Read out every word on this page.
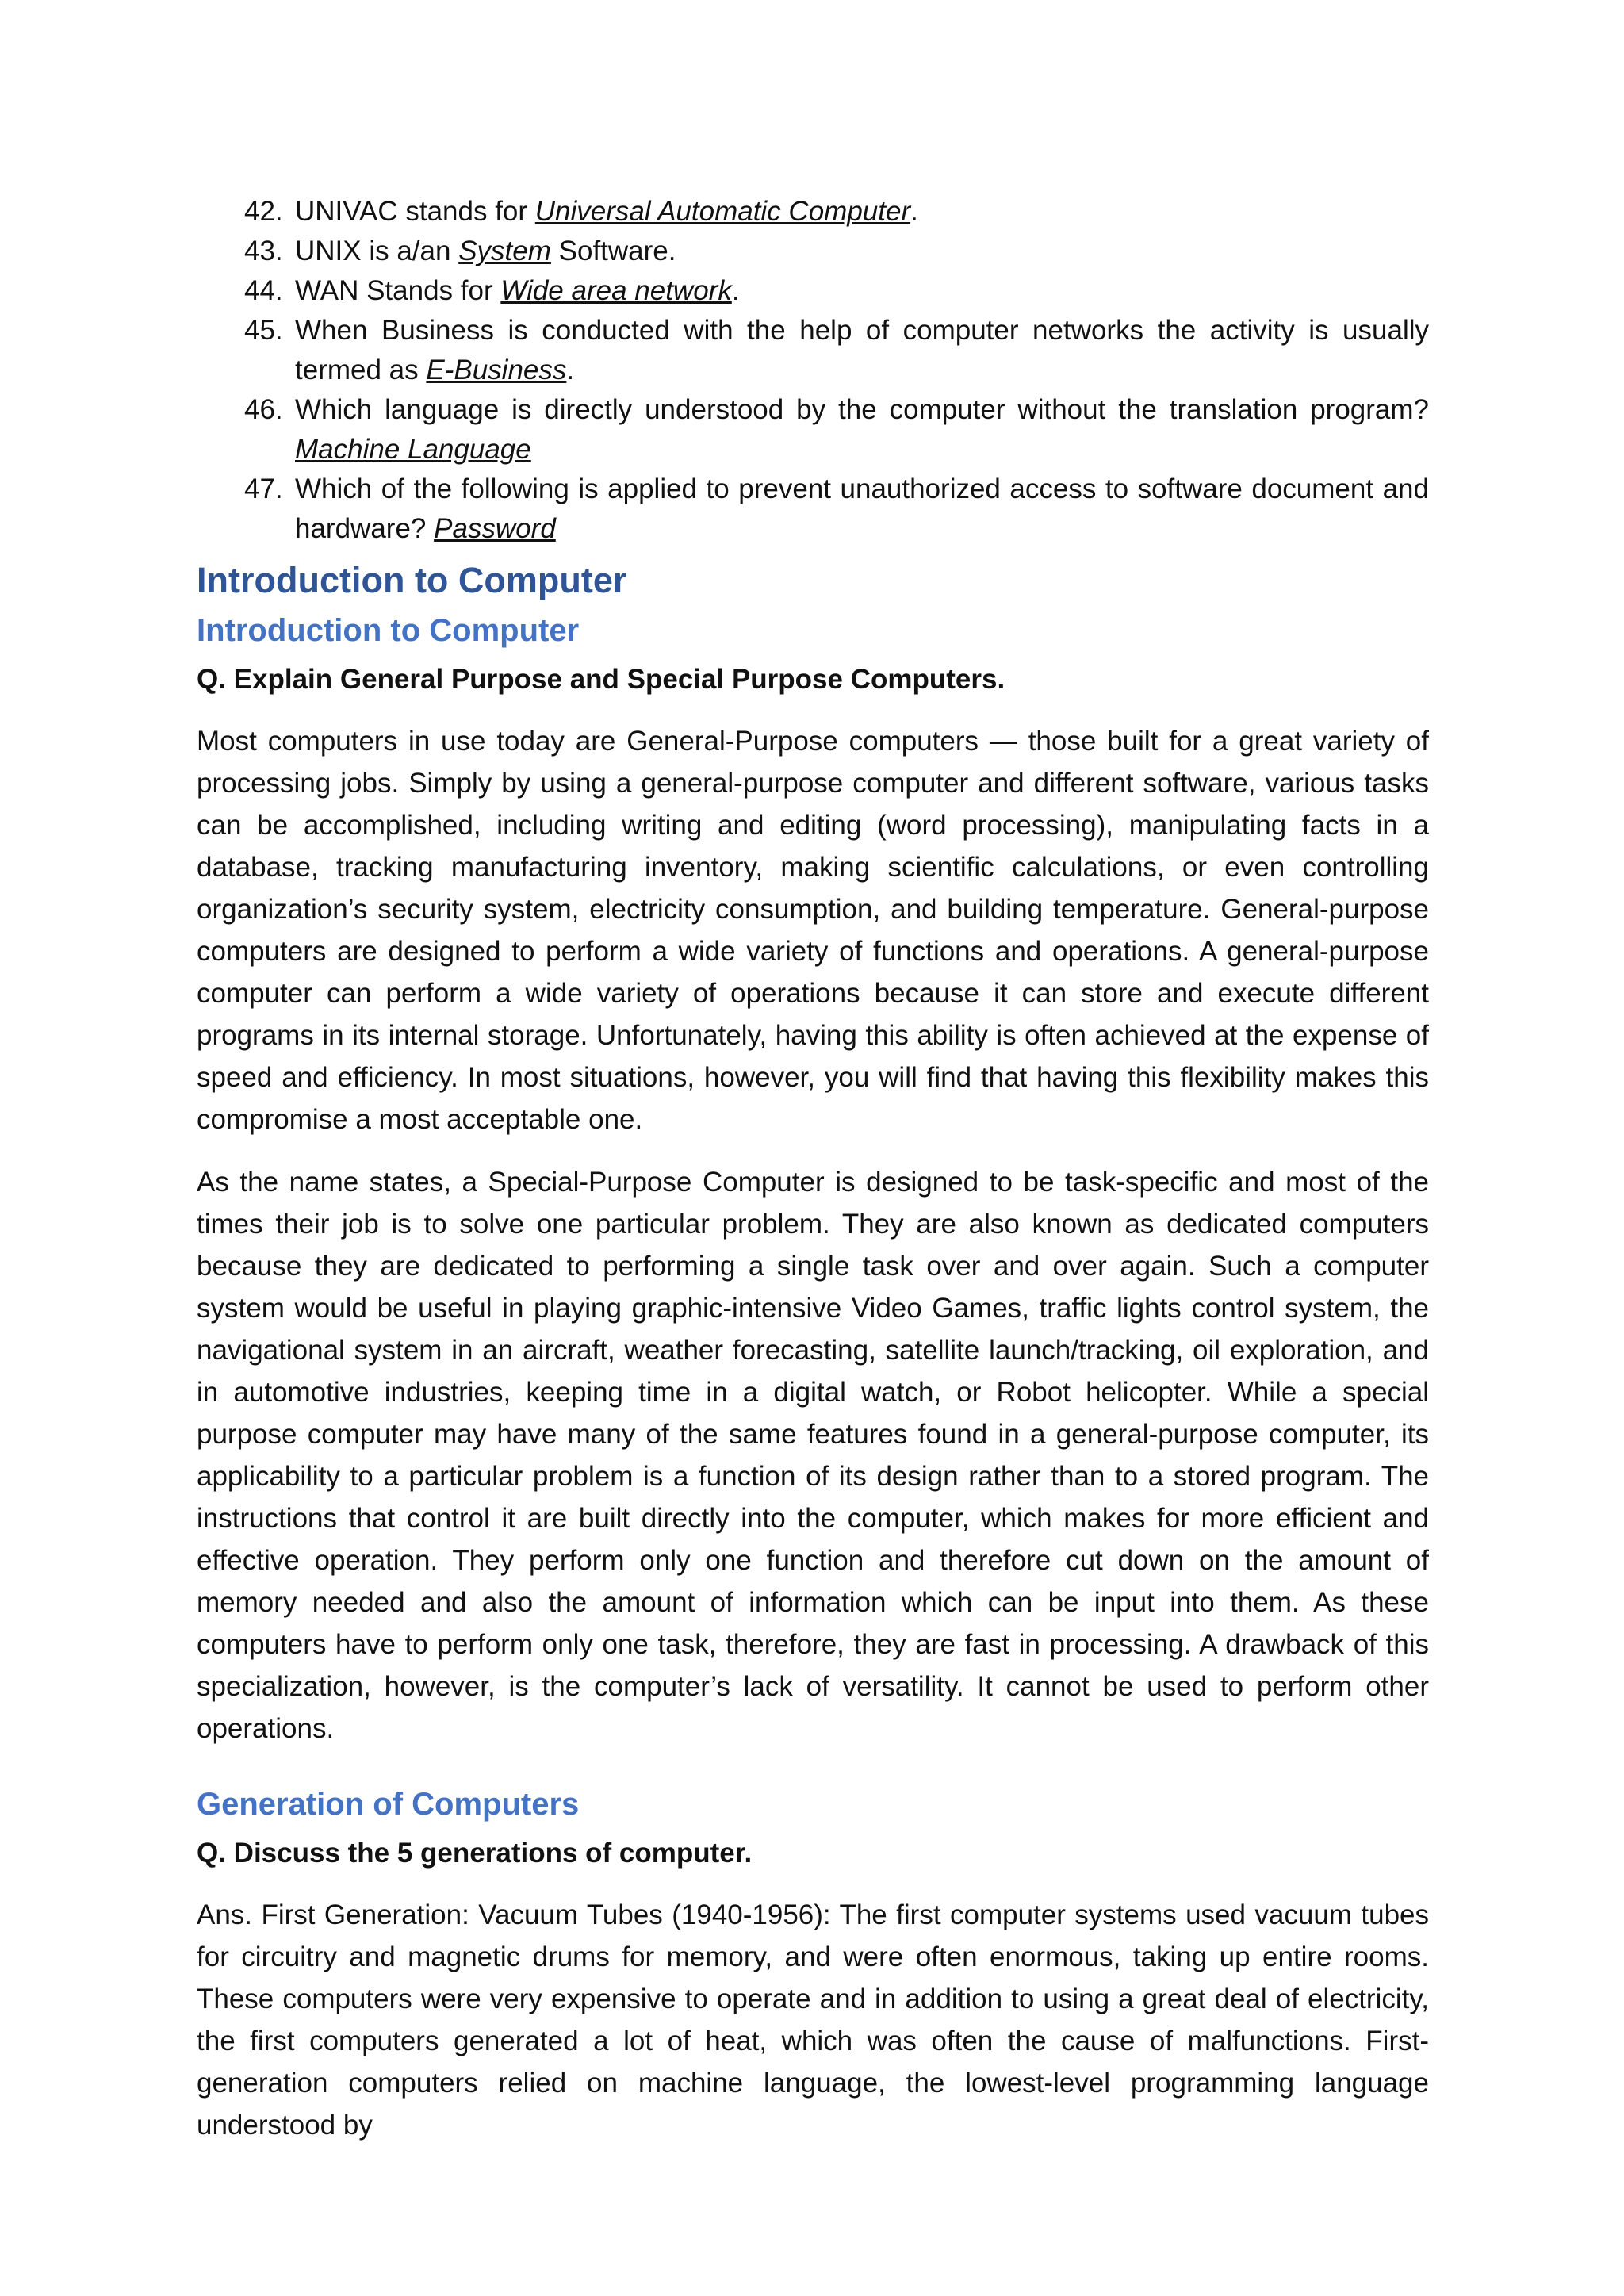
42. UNIVAC stands for Universal Automatic Computer.
43. UNIX is a/an System Software.
44. WAN Stands for Wide area network.
45. When Business is conducted with the help of computer networks the activity is usually termed as E-Business.
46. Which language is directly understood by the computer without the translation program? Machine Language
47. Which of the following is applied to prevent unauthorized access to software document and hardware? Password
Introduction to Computer
Introduction to Computer
Q. Explain General Purpose and Special Purpose Computers.

Most computers in use today are General-Purpose computers — those built for a great variety of processing jobs. Simply by using a general-purpose computer and different software, various tasks can be accomplished, including writing and editing (word processing), manipulating facts in a database, tracking manufacturing inventory, making scientific calculations, or even controlling organization’s security system, electricity consumption, and building temperature. General-purpose computers are designed to perform a wide variety of functions and operations. A general-purpose computer can perform a wide variety of operations because it can store and execute different programs in its internal storage. Unfortunately, having this ability is often achieved at the expense of speed and efficiency. In most situations, however, you will find that having this flexibility makes this compromise a most acceptable one.

As the name states, a Special-Purpose Computer is designed to be task-specific and most of the times their job is to solve one particular problem. They are also known as dedicated computers because they are dedicated to performing a single task over and over again. Such a computer system would be useful in playing graphic-intensive Video Games, traffic lights control system, the navigational system in an aircraft, weather forecasting, satellite launch/tracking, oil exploration, and in automotive industries, keeping time in a digital watch, or Robot helicopter. While a special purpose computer may have many of the same features found in a general-purpose computer, its applicability to a particular problem is a function of its design rather than to a stored program. The instructions that control it are built directly into the computer, which makes for more efficient and effective operation. They perform only one function and therefore cut down on the amount of memory needed and also the amount of information which can be input into them. As these computers have to perform only one task, therefore, they are fast in processing. A drawback of this specialization, however, is the computer’s lack of versatility. It cannot be used to perform other operations.

Generation of Computers
Q. Discuss the 5 generations of computer.

Ans. First Generation: Vacuum Tubes (1940-1956): The first computer systems used vacuum tubes for circuitry and magnetic drums for memory, and were often enormous, taking up entire rooms. These computers were very expensive to operate and in addition to using a great deal of electricity, the first computers generated a lot of heat, which was often the cause of malfunctions. First-generation computers relied on machine language, the lowest-level programming language understood by
